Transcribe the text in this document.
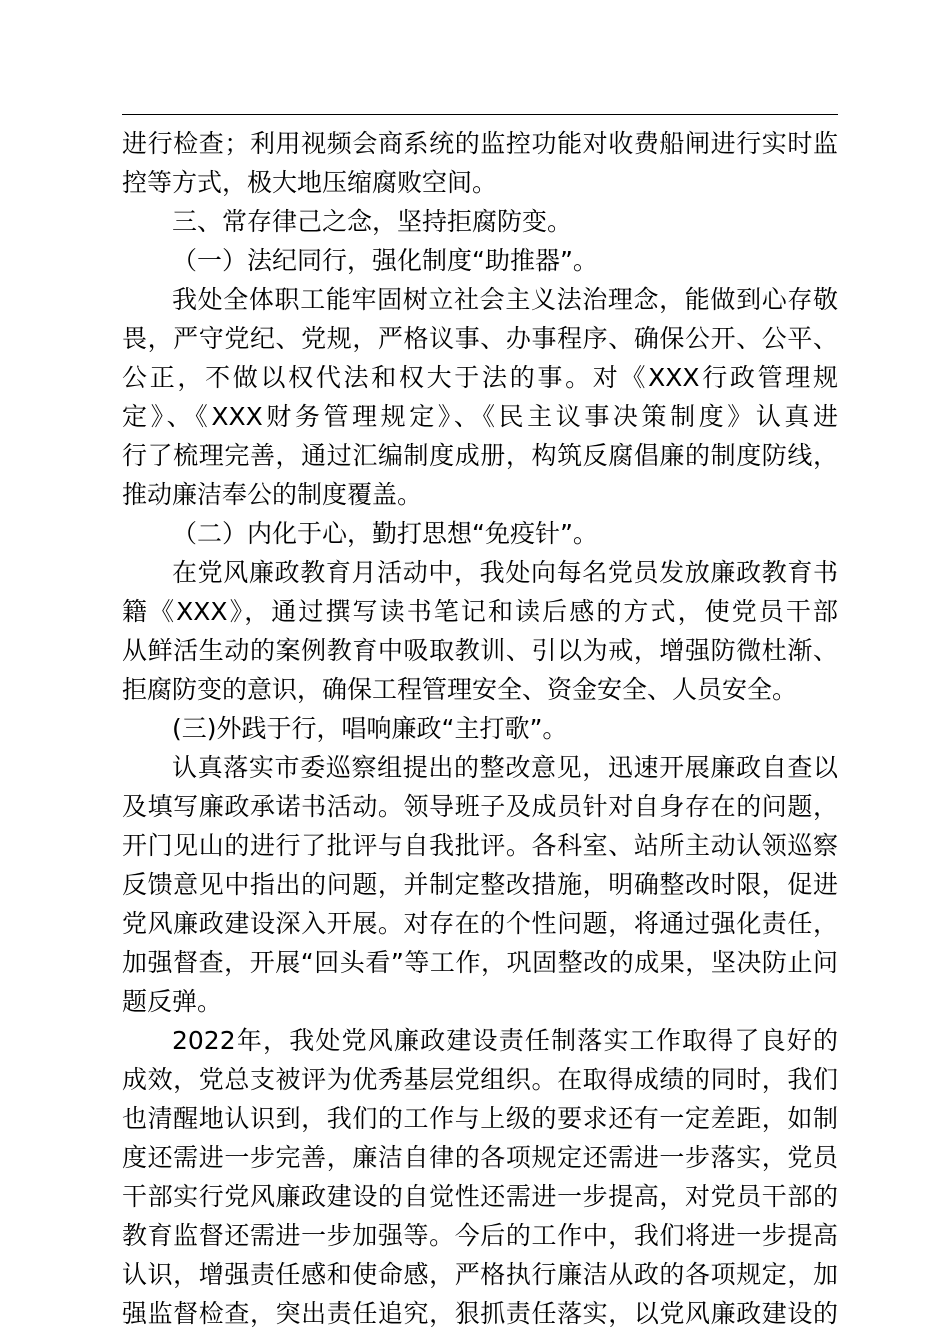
进行检查；利用视频会商系统的监控功能对收费船闸进行实时监
控等方式，极大地压缩腐败空间。
三、常存律己之念，坚持拒腐防变。
（一）法纪同行，强化制度“助推器”。
我处全体职工能牢固树立社会主义法治理念，能做到心存敬
畏，严守党纪、党规，严格议事、办事程序、确保公开、公平、
公正，不做以权代法和权大于法的事。对《XXX行政管理规
定》、《XXX财务管理规定》、《民主议事决策制度》认真进
行了梳理完善，通过汇编制度成册，构筑反腐倡廉的制度防线，
推动廉洁奉公的制度覆盖。
（二）内化于心，勤打思想“免疫针”。
在党风廉政教育月活动中，我处向每名党员发放廉政教育书
籍《XXX》，通过撰写读书笔记和读后感的方式，使党员干部
从鲜活生动的案例教育中吸取教训、引以为戒，增强防微杜渐、
拒腐防变的意识，确保工程管理安全、资金安全、人员安全。
(三)外践于行，唱响廉政“主打歌”。
认真落实市委巡察组提出的整改意见，迅速开展廉政自查以
及填写廉政承诺书活动。领导班子及成员针对自身存在的问题，
开门见山的进行了批评与自我批评。各科室、站所主动认领巡察
反馈意见中指出的问题，并制定整改措施，明确整改时限，促进
党风廉政建设深入开展。对存在的个性问题，将通过强化责任，
加强督查，开展“回头看”等工作，巩固整改的成果，坚决防止问
题反弹。
2022年，我处党风廉政建设责任制落实工作取得了良好的
成效，党总支被评为优秀基层党组织。在取得成绩的同时，我们
也清醒地认识到，我们的工作与上级的要求还有一定差距，如制
度还需进一步完善，廉洁自律的各项规定还需进一步落实，党员
干部实行党风廉政建设的自觉性还需进一步提高，对党员干部的
教育监督还需进一步加强等。今后的工作中，我们将进一步提高
认识，增强责任感和使命感，严格执行廉洁从政的各项规定，加
强监督检查，突出责任追究，狠抓责任落实，以党风廉政建设的
